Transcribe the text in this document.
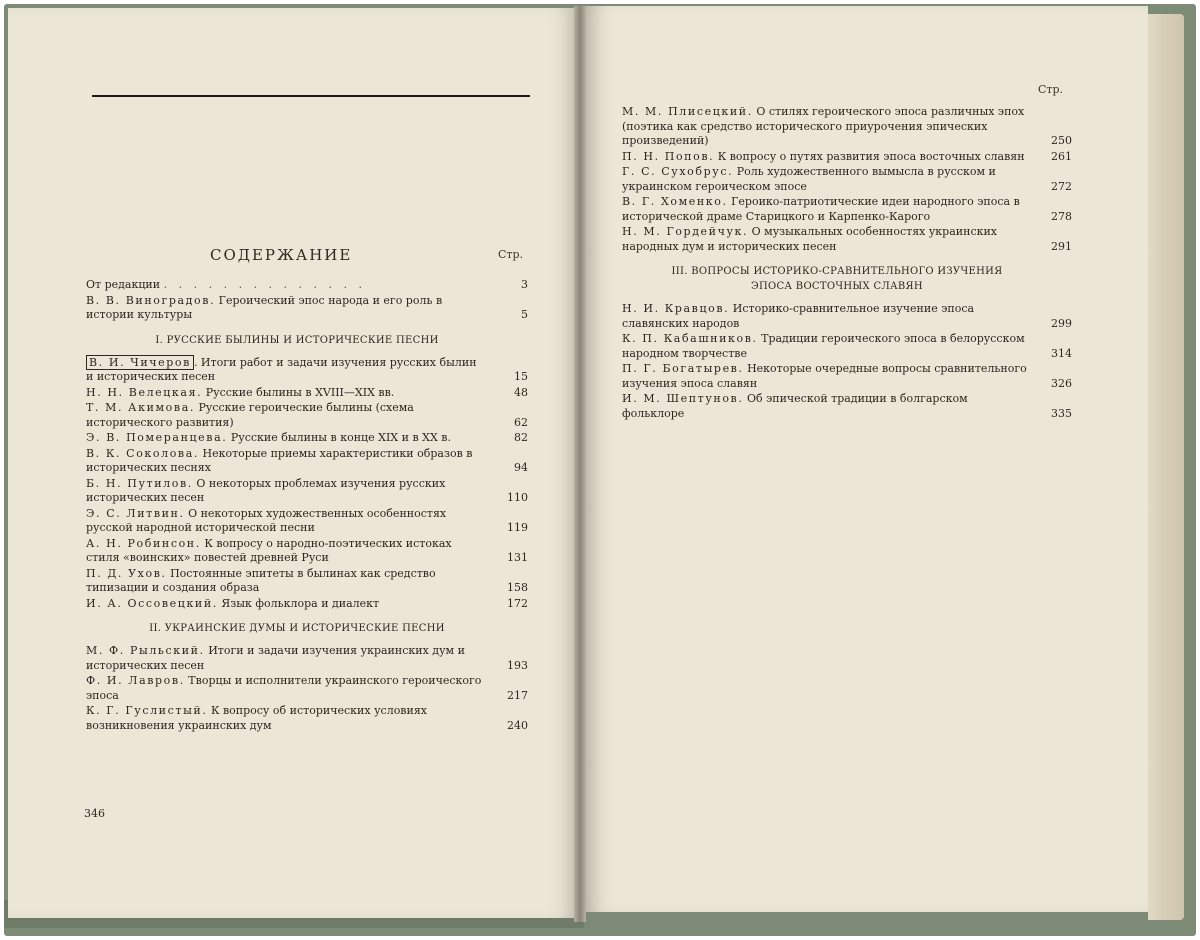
СОДЕРЖАНИЕ	Стр.
От редакции . . . . . . . . . . . . . .	3
В. В. Виноградов. Героический эпос народа и его роль в истории культуры	5
I. РУССКИЕ БЫЛИНЫ И ИСТОРИЧЕСКИЕ ПЕСНИ
В. И. Чичеров . Итоги работ и задачи изучения русских былин и исторических песен	15
Н. Н. Велецкая. Русские былины в XVIII—XIX вв.	48
Т. М. Акимова. Русские героические былины (схема исторического развития)	62
Э. В. Померанцева. Русские былины в конце XIX и в XX в.	82
В. К. Соколова. Некоторые приемы характеристики образов в исторических песнях	94
Б. Н. Путилов. О некоторых проблемах изучения русских исторических песен	110
Э. С. Литвин. О некоторых художественных особенностях русской народной исторической песни	119
А. Н. Робинсон. К вопросу о народно-поэтических истоках стиля «воинских» повестей древней Руси	131
П. Д. Ухов. Постоянные эпитеты в былинах как средство типизации и создания образа	158
И. А. Оссовецкий. Язык фольклора и диалект	172
II. УКРАИНСКИЕ ДУМЫ И ИСТОРИЧЕСКИЕ ПЕСНИ
М. Ф. Рыльский. Итоги и задачи изучения украинских дум и исторических песен	193
Ф. И. Лавров. Творцы и исполнители украинского героического эпоса	217
К. Г. Гуслистый. К вопросу об исторических условиях возникновения украинских дум	240
346
Стр.
М. М. Плисецкий. О стилях героического эпоса различных эпох (поэтика как средство исторического приурочения эпических произведений)	250
П. Н. Попов. К вопросу о путях развития эпоса восточных славян	261
Г. С. Сухобрус. Роль художественного вымысла в русском и украинском героическом эпосе	272
В. Г. Хоменко. Героико-патриотические идеи народного эпоса в исторической драме Старицкого и Карпенко-Карого	278
Н. М. Гордейчук. О музыкальных особенностях украинских народных дум и исторических песен	291
III. ВОПРОСЫ ИСТОРИКО-СРАВНИТЕЛЬНОГО ИЗУЧЕНИЯ
ЭПОСА ВОСТОЧНЫХ СЛАВЯН
Н. И. Кравцов. Историко-сравнительное изучение эпоса славянских народов	299
К. П. Кабашников. Традиции героического эпоса в белорусском народном творчестве	314
П. Г. Богатырев. Некоторые очередные вопросы сравнительного изучения эпоса славян	326
И. М. Шептунов. Об эпической традиции в болгарском фольклоре	335
